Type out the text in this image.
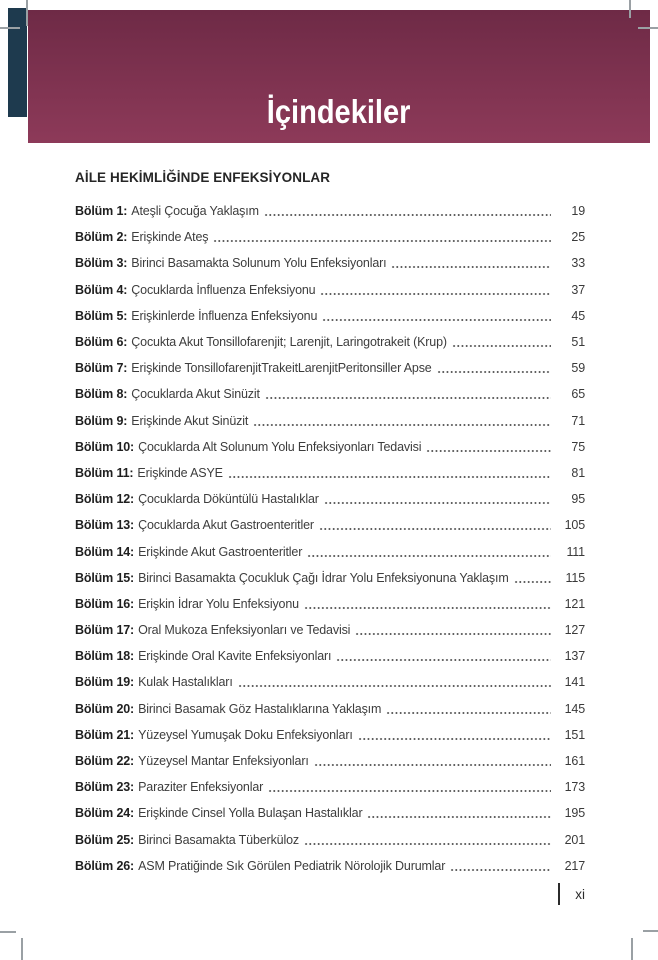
İçindekiler
AİLE HEKİMLİĞİNDE ENFEKSİYONLAR
Bölüm 1: Ateşli Çocuğa Yaklaşım	19
Bölüm 2: Erişkinde Ateş	25
Bölüm 3: Birinci Basamakta Solunum Yolu Enfeksiyonları	33
Bölüm 4: Çocuklarda İnfluenza Enfeksiyonu	37
Bölüm 5: Erişkinlerde İnfluenza Enfeksiyonu	45
Bölüm 6: Çocukta Akut Tonsillofarenjit; Larenjit, Laringotrakeit (Krup)	51
Bölüm 7: Erişkinde TonsillofarenjitTrakeitLarenjitPeritonsiller Apse	59
Bölüm 8: Çocuklarda Akut Sinüzit	65
Bölüm 9: Erişkinde Akut Sinüzit	71
Bölüm 10: Çocuklarda Alt Solunum Yolu Enfeksiyonları Tedavisi	75
Bölüm 11: Erişkinde ASYE	81
Bölüm 12: Çocuklarda Döküntülü Hastalıklar	95
Bölüm 13: Çocuklarda Akut Gastroenteritler	105
Bölüm 14: Erişkinde Akut Gastroenteritler	111
Bölüm 15: Birinci Basamakta Çocukluk Çağı İdrar Yolu Enfeksiyonuna Yaklaşım	115
Bölüm 16: Erişkin İdrar Yolu Enfeksiyonu	121
Bölüm 17: Oral Mukoza Enfeksiyonları ve Tedavisi	127
Bölüm 18: Erişkinde Oral Kavite Enfeksiyonları	137
Bölüm 19: Kulak Hastalıkları	141
Bölüm 20: Birinci Basamak Göz Hastalıklarına Yaklaşım	145
Bölüm 21: Yüzeysel Yumuşak Doku Enfeksiyonları	151
Bölüm 22: Yüzeysel Mantar Enfeksiyonları	161
Bölüm 23: Paraziter Enfeksiyonlar	173
Bölüm 24: Erişkinde Cinsel Yolla Bulaşan Hastalıklar	195
Bölüm 25: Birinci Basamakta Tüberküloz	201
Bölüm 26: ASM Pratiğinde Sık Görülen Pediatrik Nörolojik Durumlar	217
xi
